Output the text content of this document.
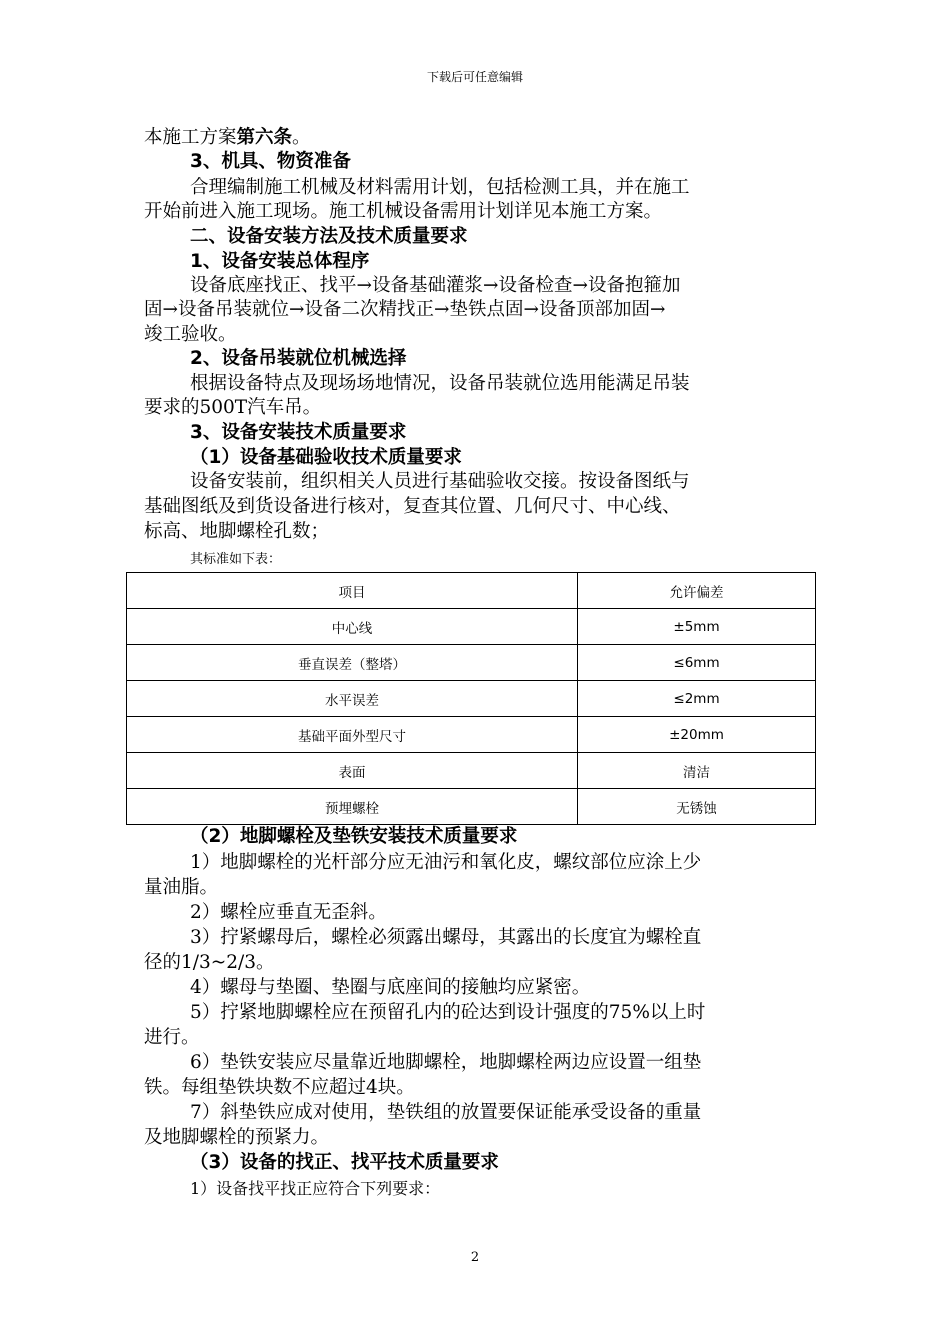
下载后可任意编辑
本施工方案第六条。
3、机具、物资准备
合理编制施工机械及材料需用计划，包括检测工具，并在施工
开始前进入施工现场。施工机械设备需用计划详见本施工方案。
二、设备安装方法及技术质量要求
1、设备安装总体程序
设备底座找正、找平→设备基础灌浆→设备检查→设备抱箍加
固→设备吊装就位→设备二次精找正→垫铁点固→设备顶部加固→
竣工验收。
2、设备吊装就位机械选择
根据设备特点及现场场地情况，设备吊装就位选用能满足吊装
要求的500T汽车吊。
3、设备安装技术质量要求
（1）设备基础验收技术质量要求
设备安装前，组织相关人员进行基础验收交接。按设备图纸与
基础图纸及到货设备进行核对，复查其位置、几何尺寸、中心线、
标高、地脚螺栓孔数；
其标准如下表：
项目	允许偏差
中心线	±5mm
垂直误差（整塔）	≤6mm
水平误差	≤2mm
基础平面外型尺寸	±20mm
表面	清洁
预埋螺栓	无锈蚀
（2）地脚螺栓及垫铁安装技术质量要求
1）地脚螺栓的光杆部分应无油污和氧化皮，螺纹部位应涂上少
量油脂。
2）螺栓应垂直无歪斜。
3）拧紧螺母后，螺栓必须露出螺母，其露出的长度宜为螺栓直
径的1/3~2/3。
4）螺母与垫圈、垫圈与底座间的接触均应紧密。
5）拧紧地脚螺栓应在预留孔内的砼达到设计强度的75%以上时
进行。
6）垫铁安装应尽量靠近地脚螺栓，地脚螺栓两边应设置一组垫
铁。每组垫铁块数不应超过4块。
7）斜垫铁应成对使用，垫铁组的放置要保证能承受设备的重量
及地脚螺栓的预紧力。
（3）设备的找正、找平技术质量要求
1）设备找平找正应符合下列要求：
2
